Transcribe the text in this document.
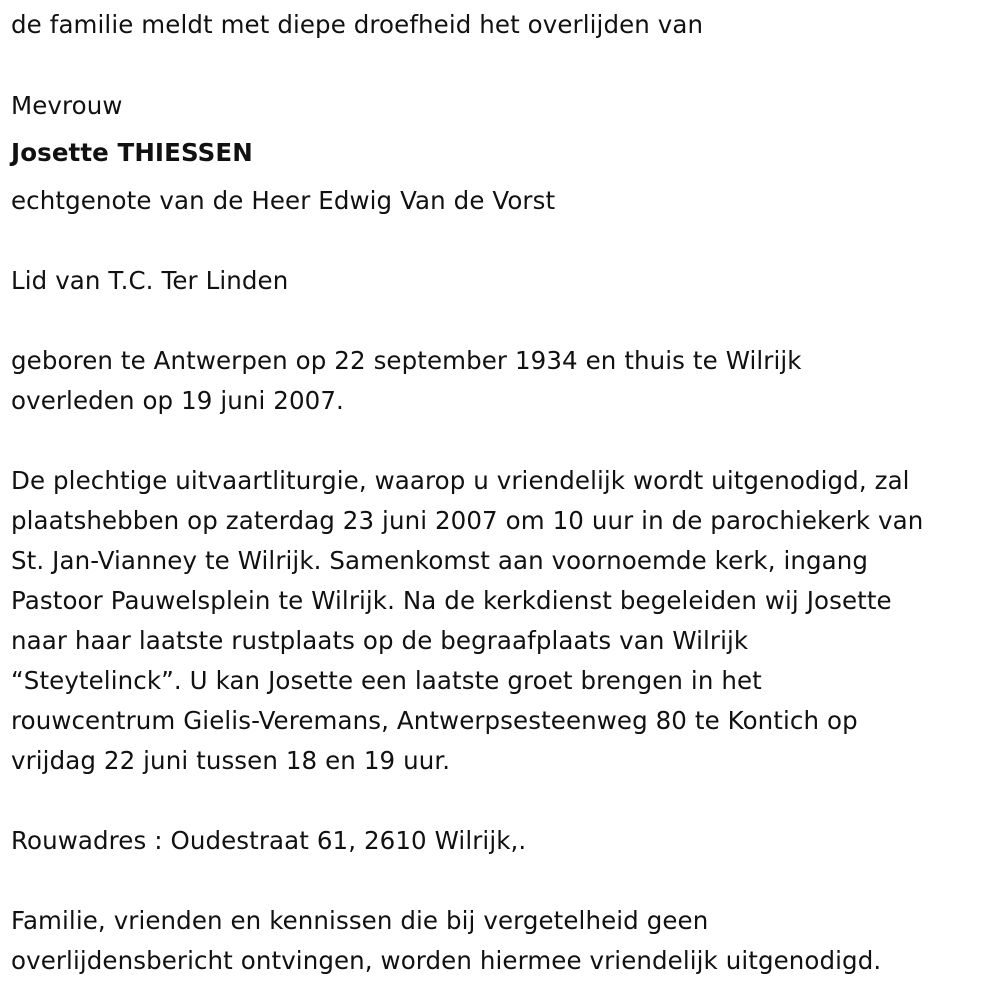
de familie meldt met diepe droefheid het overlijden van
Mevrouw
Josette THIESSEN
echtgenote van de Heer Edwig Van de Vorst
Lid van T.C. Ter Linden
geboren te Antwerpen op 22 september 1934 en thuis te Wilrijk
overleden op 19 juni 2007.
De plechtige uitvaartliturgie, waarop u vriendelijk wordt uitgenodigd, zal
plaatshebben op zaterdag 23 juni 2007 om 10 uur in de parochiekerk van
St. Jan-Vianney te Wilrijk. Samenkomst aan voornoemde kerk, ingang
Pastoor Pauwelsplein te Wilrijk. Na de kerkdienst begeleiden wij Josette
naar haar laatste rustplaats op de begraafplaats van Wilrijk
“Steytelinck”. U kan Josette een laatste groet brengen in het
rouwcentrum Gielis-Veremans, Antwerpsesteenweg 80 te Kontich op
vrijdag 22 juni tussen 18 en 19 uur.
Rouwadres : Oudestraat 61, 2610 Wilrijk,.
Familie, vrienden en kennissen die bij vergetelheid geen
overlijdensbericht ontvingen, worden hiermee vriendelijk uitgenodigd.
